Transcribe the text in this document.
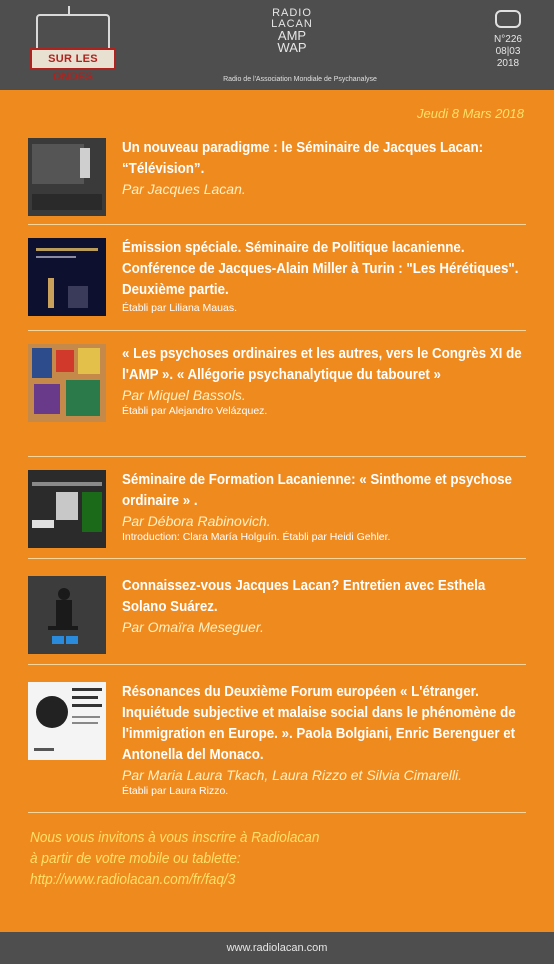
SUR LES ONDES
RADIO
LACAN
AMP
WAP
Radio de l'Association Mondiale de Psychanalyse
N°226
08|03
2018
Jeudi 8 Mars 2018
Un nouveau paradigme : le Séminaire de Jacques Lacan: “Télévision”.
Par Jacques Lacan.
Émission spéciale. Séminaire de Politique lacanienne. Conférence de Jacques-Alain Miller à Turin : "Les Hérétiques". Deuxième partie.
Établi par Liliana Mauas.
« Les psychoses ordinaires et les autres, vers le Congrès XI de l'AMP ». « Allégorie psychanalytique du tabouret »
Par Miquel Bassols.
Établi par Alejandro Velázquez.
Séminaire de Formation Lacanienne: « Sinthome et psychose ordinaire » .
Par Débora Rabinovich.
Introduction: Clara María Holguín. Établi par Heidi Gehler.
Connaissez-vous Jacques Lacan? Entretien avec Esthela Solano Suárez.
Par Omaïra Meseguer.
Résonances du Deuxième Forum européen « L'étranger. Inquiétude subjective et malaise social dans le phénomène de l'immigration en Europe. ». Paola Bolgiani, Enric Berenguer et Antonella del Monaco.
Par Maria Laura Tkach, Laura Rizzo et Silvia Cimarelli.
Établi par Laura Rizzo.
Nous vous invitons à vous inscrire à Radiolacan
à partir de votre mobile ou tablette:
http://www.radiolacan.com/fr/faq/3
www.radiolacan.com
